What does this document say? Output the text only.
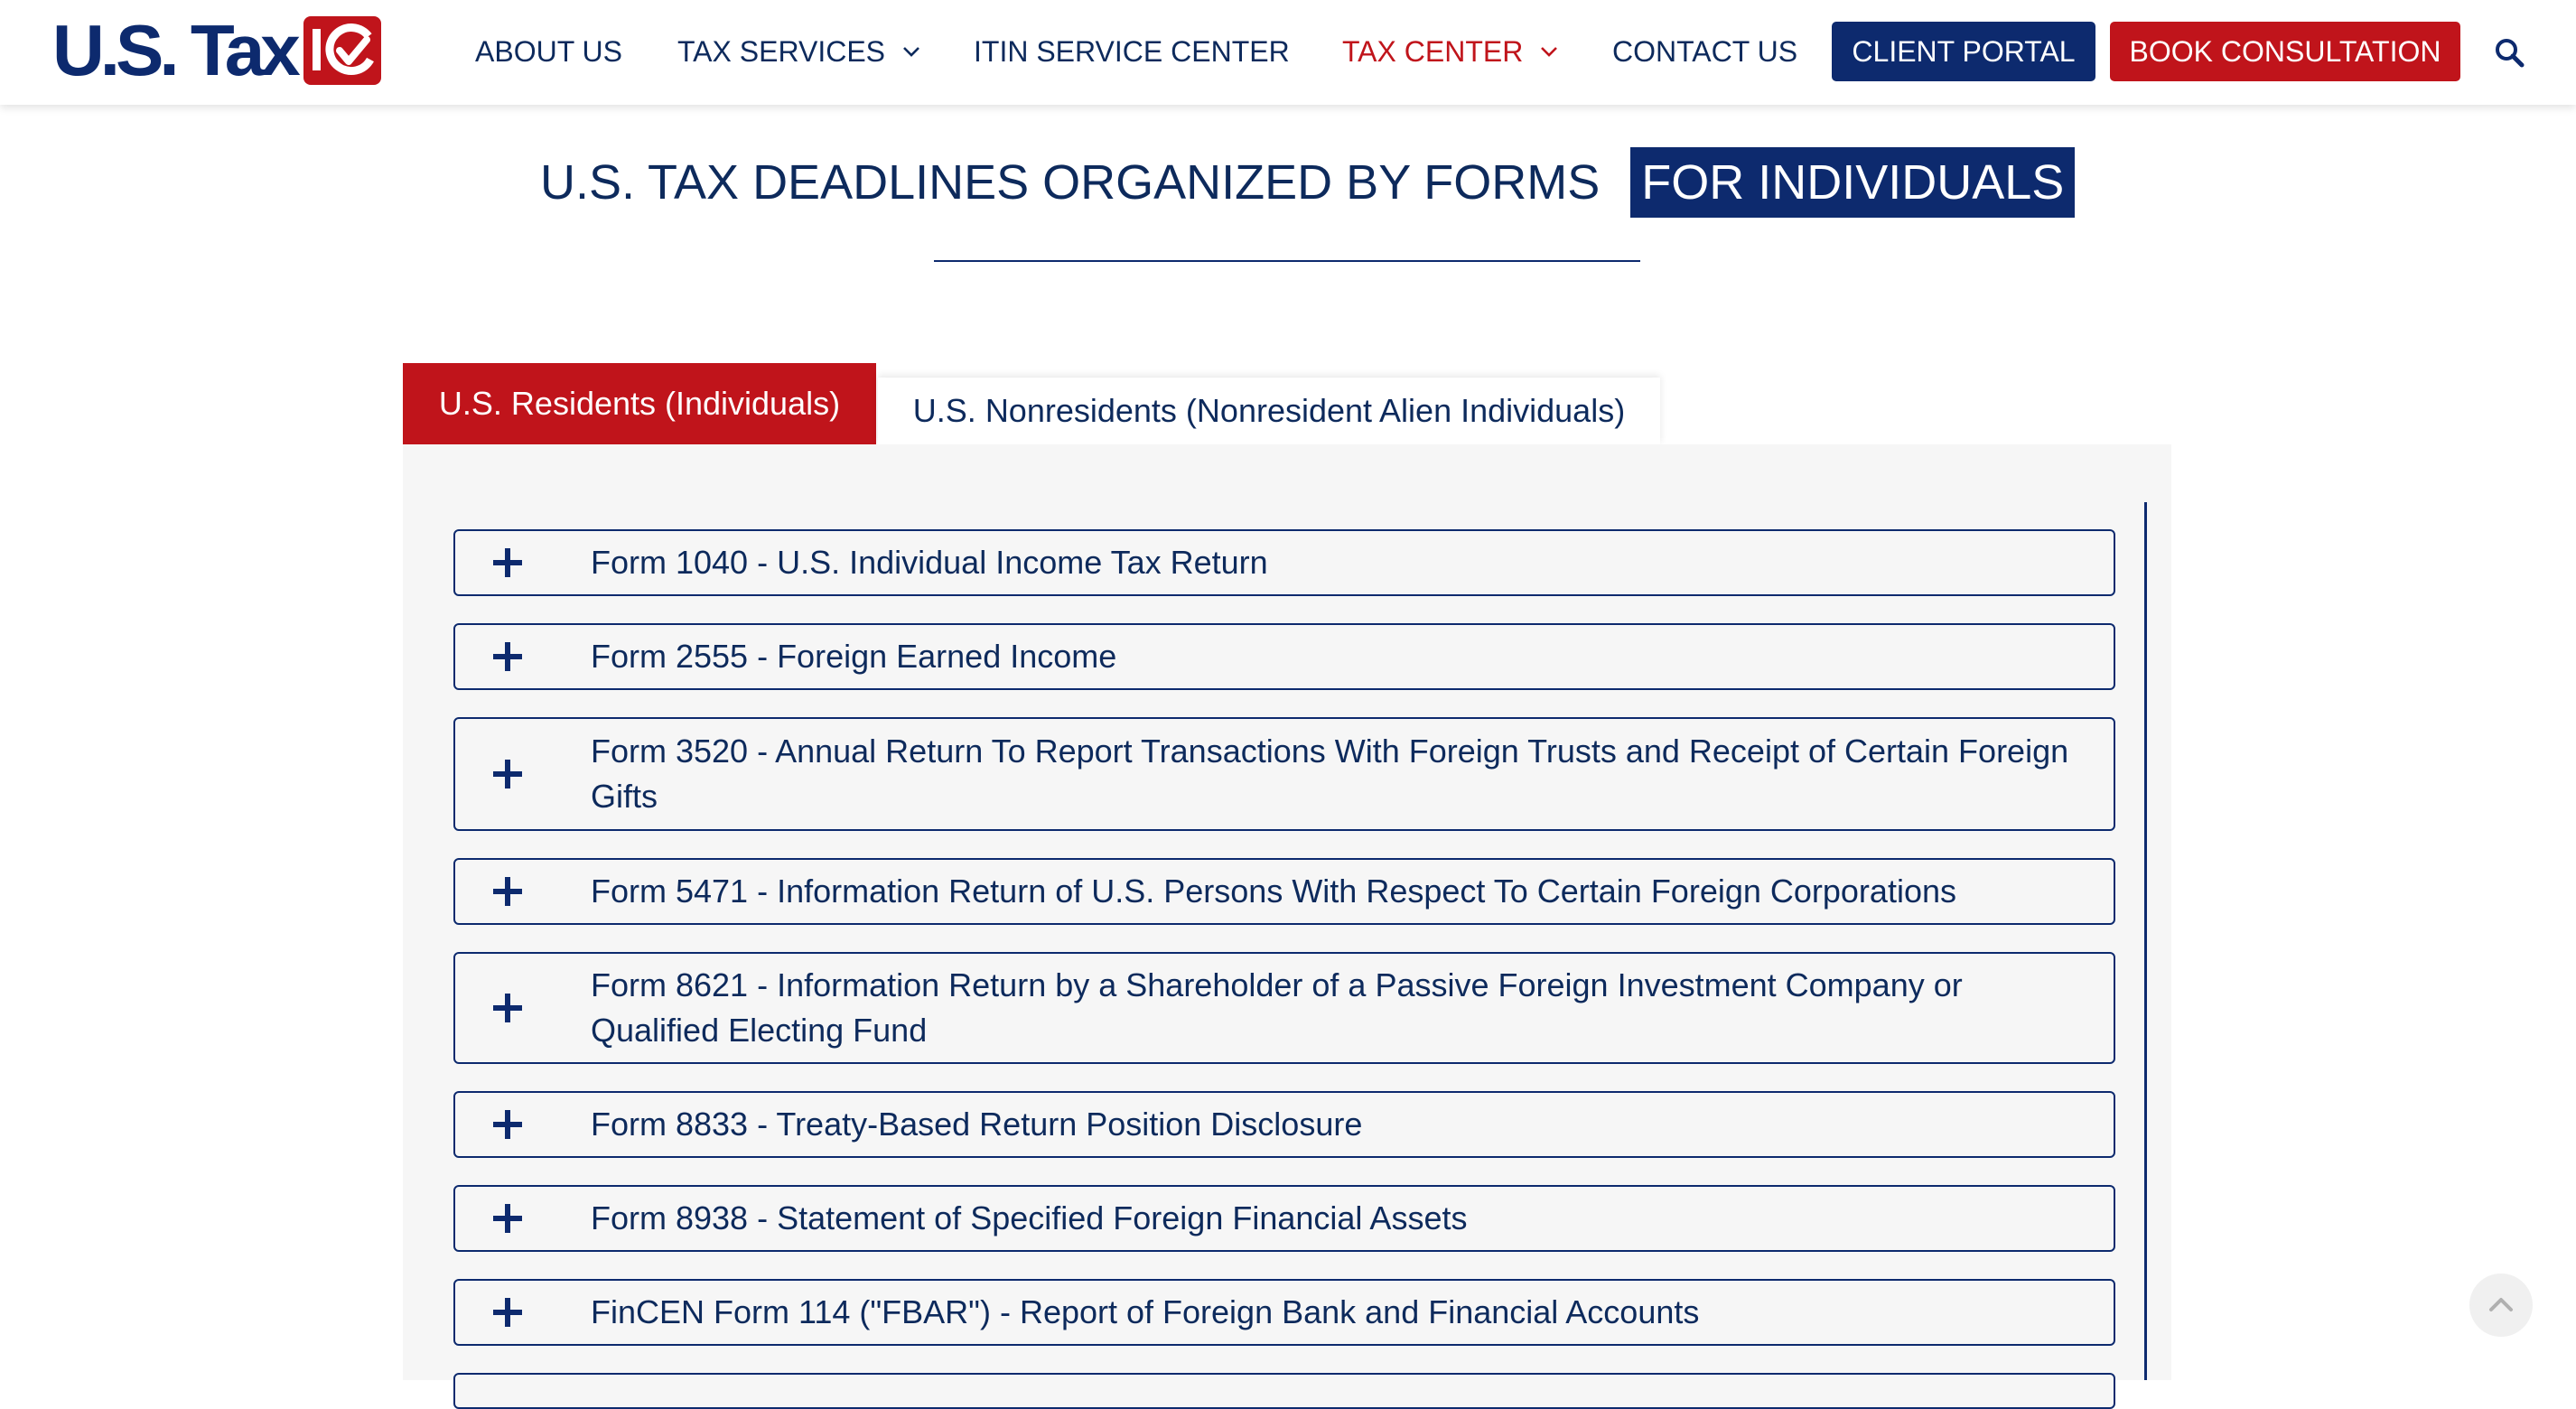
U.S. Tax	ABOUT US TAX SERVICES	ITIN SERVICE CENTER TAX CENTER	CONTACT US	CLIENT PORTAL	BOOK CONSULTATION
U.S. TAX DEADLINES ORGANIZED BY FORMS FOR INDIVIDUALS
U.S. Residents (Individuals)	U.S. Nonresidents (Nonresident Alien Individuals)
Form 1040 - U.S. Individual Income Tax Return
Form 2555 - Foreign Earned Income
Form 3520 - Annual Return To Report Transactions With Foreign Trusts and Receipt of Certain Foreign Gifts
Form 5471 - Information Return of U.S. Persons With Respect To Certain Foreign Corporations
Form 8621 - Information Return by a Shareholder of a Passive Foreign Investment Company or Qualified Electing Fund
Form 8833 - Treaty-Based Return Position Disclosure
Form 8938 - Statement of Specified Foreign Financial Assets
FinCEN Form 114 ("FBAR") - Report of Foreign Bank and Financial Accounts
